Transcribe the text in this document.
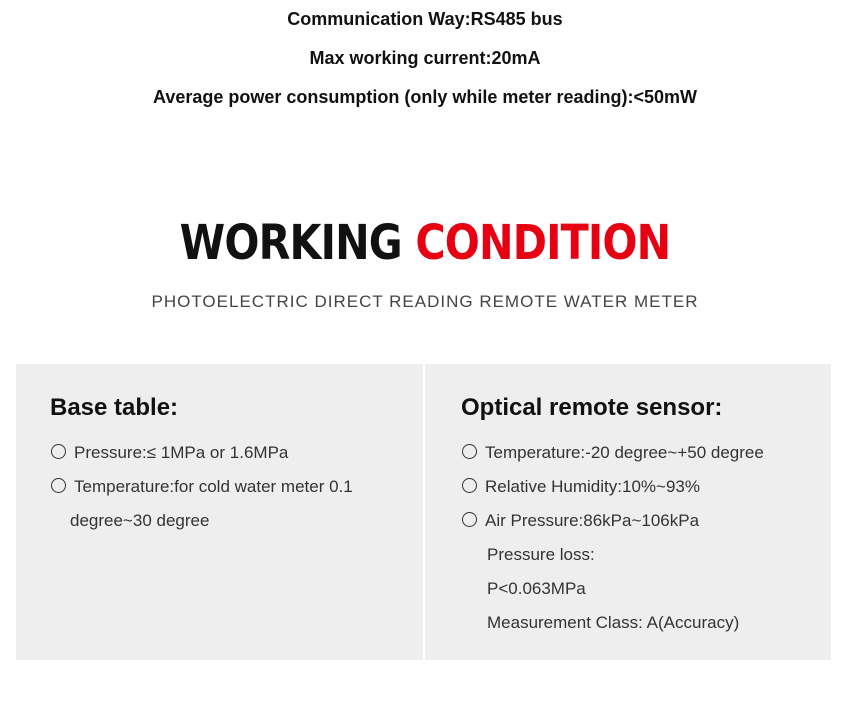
Communication Way:RS485 bus
Max working current:20mA
Average power consumption (only while meter reading):<50mW
WORKING CONDITION
PHOTOELECTRIC DIRECT READING REMOTE WATER METER
Base table:
Pressure:≤ 1MPa or 1.6MPa
Temperature:for cold water meter 0.1
degree~30 degree
Optical remote sensor:
Temperature:-20 degree~+50 degree
Relative Humidity:10%~93%
Air Pressure:86kPa~106kPa
Pressure loss:
P<0.063MPa
Measurement Class: A(Accuracy)
